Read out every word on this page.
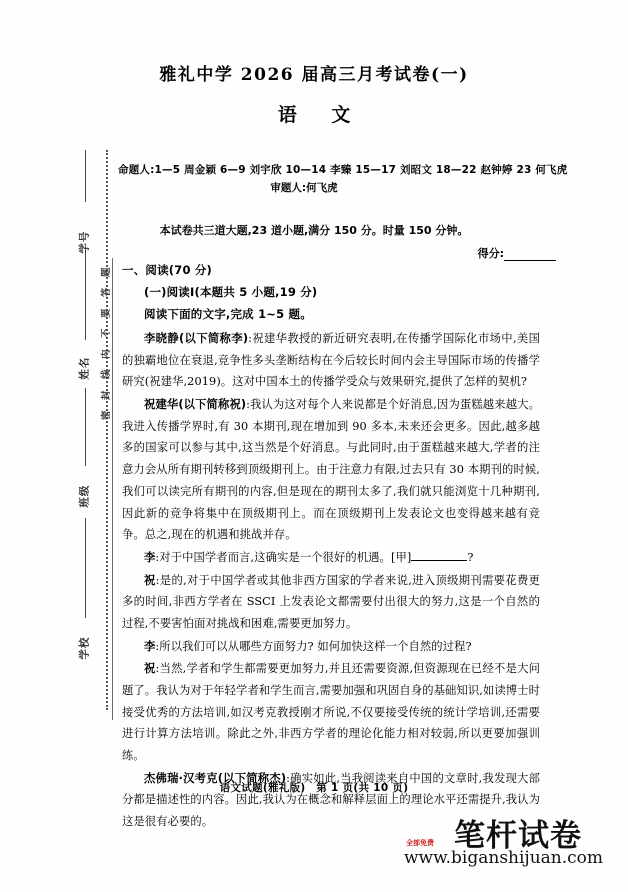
学号
姓名
班级
学校
题
答
要
不
内
线
封
密
雅礼中学 2026 届高三月考试卷(一)
语 文
命题人:1—5 周金颖 6—9 刘宇欣 10—14 李臻 15—17 刘昭文 18—22 赵钟婷 23 何飞虎
审题人:何飞虎
本试卷共三道大题,23 道小题,满分 150 分。时量 150 分钟。
得分:

一、阅读(70 分)

(一)阅读Ⅰ(本题共 5 小题,19 分)

阅读下面的文字,完成 1~5 题。

李晓静(以下简称李):祝建华教授的新近研究表明,在传播学国际化市场中,美国的独霸地位在衰退,竞争性多头垄断结构在今后较长时间内会主导国际市场的传播学研究(祝建华,2019)。这对中国本土的传播学受众与效果研究,提供了怎样的契机?

祝建华(以下简称祝):我认为这对每个人来说都是个好消息,因为蛋糕越来越大。我进入传播学界时,有 30 本期刊,现在增加到 90 多本,未来还会更多。因此,越多越多的国家可以参与其中,这当然是个好消息。与此同时,由于蛋糕越来越大,学者的注意力会从所有期刊转移到顶级期刊上。由于注意力有限,过去只有 30 本期刊的时候,我们可以读完所有期刊的内容,但是现在的期刊太多了,我们就只能浏览十几种期刊,因此新的竞争将集中在顶级期刊上。而在顶级期刊上发表论文也变得越来越有竞争。总之,现在的机遇和挑战并存。

李:对于中国学者而言,这确实是一个很好的机遇。[甲]	?

祝:是的,对于中国学者或其他非西方国家的学者来说,进入顶级期刊需要花费更多的时间,非西方学者在 SSCI 上发表论文都需要付出很大的努力,这是一个自然的过程,不要害怕面对挑战和困难,需要更加努力。

李:所以我们可以从哪些方面努力? 如何加快这样一个自然的过程?

祝:当然,学者和学生都需要更加努力,并且还需要资源,但资源现在已经不是大问题了。我认为对于年轻学者和学生而言,需要加强和巩固自身的基础知识,如读博士时接受优秀的方法培训,如汉考克教授刚才所说,不仅要接受传统的统计学培训,还需要进行计算方法培训。除此之外,非西方学者的理论化能力相对较弱,所以更要加强训练。

杰佛瑞·汉考克(以下简称杰):确实如此,当我阅读来自中国的文章时,我发现大部分都是描述性的内容。因此,我认为在概念和解释层面上的理论水平还需提升,我认为这是很有必要的。

语文试题(雅礼版)　第 1 页(共 10 页)
笔杆试卷
全部免费
www.biganshijuan.com
